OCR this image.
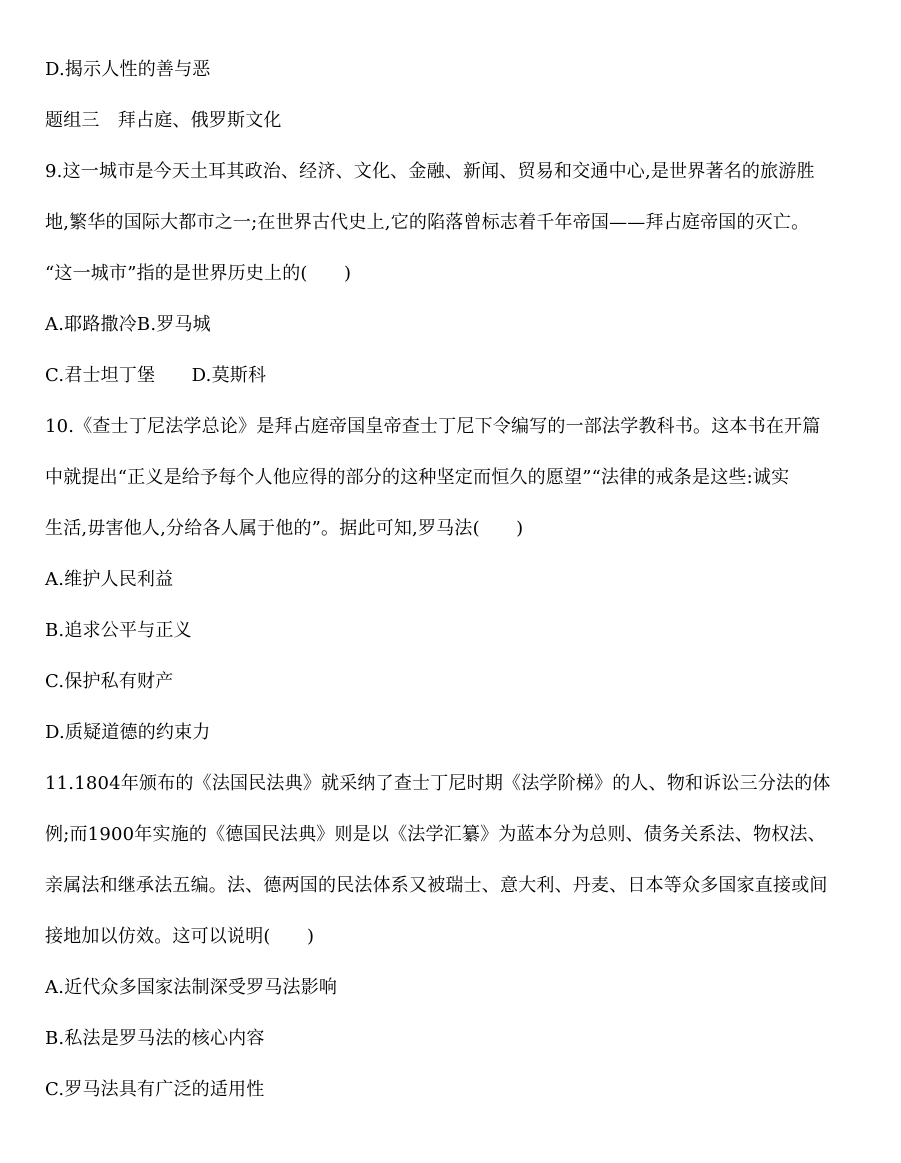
D.揭示人性的善与恶
题组三　拜占庭、俄罗斯文化
9.这一城市是今天土耳其政治、经济、文化、金融、新闻、贸易和交通中心,是世界著名的旅游胜
地,繁华的国际大都市之一;在世界古代史上,它的陷落曾标志着千年帝国——拜占庭帝国的灭亡。
“这一城市”指的是世界历史上的(　　)
A.耶路撒冷B.罗马城
C.君士坦丁堡　　D.莫斯科
10.《查士丁尼法学总论》是拜占庭帝国皇帝查士丁尼下令编写的一部法学教科书。这本书在开篇
中就提出“正义是给予每个人他应得的部分的这种坚定而恒久的愿望”“法律的戒条是这些:诚实
生活,毋害他人,分给各人属于他的”。据此可知,罗马法(　　)
A.维护人民利益
B.追求公平与正义
C.保护私有财产
D.质疑道德的约束力
11.1804年颁布的《法国民法典》就采纳了查士丁尼时期《法学阶梯》的人、物和诉讼三分法的体
例;而1900年实施的《德国民法典》则是以《法学汇纂》为蓝本分为总则、债务关系法、物权法、
亲属法和继承法五编。法、德两国的民法体系又被瑞士、意大利、丹麦、日本等众多国家直接或间
接地加以仿效。这可以说明(　　)
A.近代众多国家法制深受罗马法影响
B.私法是罗马法的核心内容
C.罗马法具有广泛的适用性
